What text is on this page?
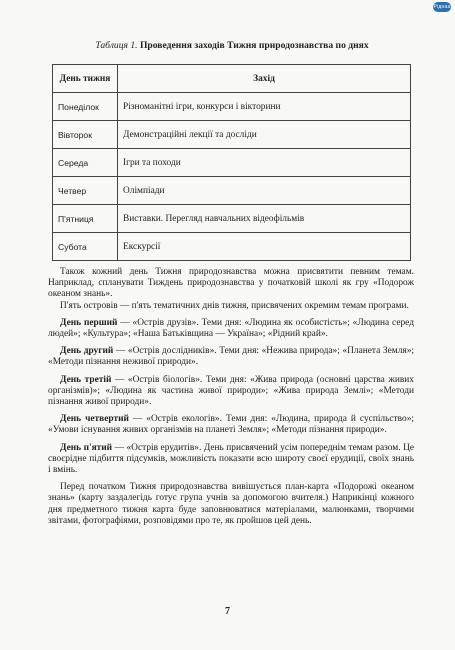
Ріднаа
Таблиця 1. Проведення заходів Тижня природознавства по днях
День тижня	Захід
Понеділок	Різноманітні ігри, конкурси і вікторини
Вівторок	Демонстраційні лекції та досліди
Середа	Ігри та походи
Четвер	Олімпіади
П'ятниця	Виставки. Перегляд навчальних відеофільмів
Субота	Екскурсії

Також кожний день Тижня природознавства можна присвятити певним темам. Наприклад, спланувати Тиждень природознавства у початковій школі як гру «Подорож океаном знань».

П'ять островів — п'ять тематичних днів тижня, присвячених окремим темам програми.

День перший — «Острів друзів». Теми дня: «Людина як особистість»; «Людина серед людей»; «Культура»; «Наша Батьківщина — Україна»; «Рідний край».

День другий — «Острів дослідників». Теми дня: «Нежива природа»; «Планета Земля»; «Методи пізнання неживої природи».

День третій — «Острів біологів». Теми дня: «Жива природа (основні царства живих організмів)»; «Людина як частина живої природи»; «Жива природа Землі»; «Методи пізнання живої природи».

День четвертий — «Острів екологів». Теми дня: «Людина, природа й суспільство»; «Умови існування живих організмів на планеті Земля»; «Методи пізнання природи».

День п'ятий — «Острів ерудитів». День присвячений усім попереднім темам разом. Це своєрідне підбиття підсумків, можливість показати всю широту своєї ерудиції, своїх знань і вмінь.

Перед початком Тижня природознавства вивішується план-карта «Подорожі океаном знань» (карту заздалегідь готує група учнів за допомогою вчителя.) Наприкінці кожного дня предметного тижня карта буде заповнюватися матеріалами, малюнками, творчими звітами, фотографіями, розповідями про те, як пройшов цей день.

7
